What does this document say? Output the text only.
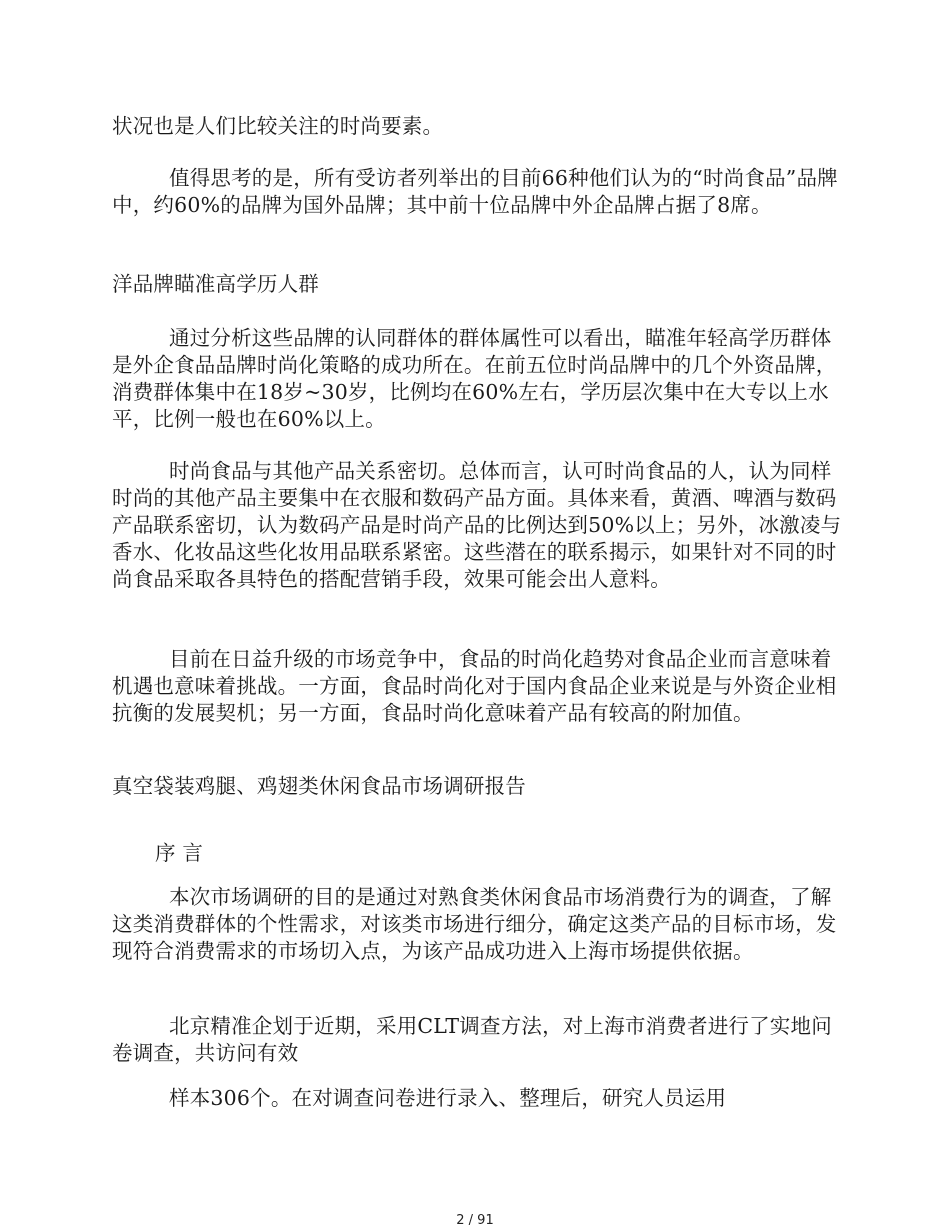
状况也是人们比较关注的时尚要素。

值得思考的是，所有受访者列举出的目前66种他们认为的“时尚食品”品牌中，约60%的品牌为国外品牌；其中前十位品牌中外企品牌占据了8席。

洋品牌瞄准高学历人群

通过分析这些品牌的认同群体的群体属性可以看出，瞄准年轻高学历群体是外企食品品牌时尚化策略的成功所在。在前五位时尚品牌中的几个外资品牌，消费群体集中在18岁~30岁，比例均在60%左右，学历层次集中在大专以上水平，比例一般也在60%以上。

时尚食品与其他产品关系密切。总体而言，认可时尚食品的人，认为同样时尚的其他产品主要集中在衣服和数码产品方面。具体来看，黄酒、啤酒与数码产品联系密切，认为数码产品是时尚产品的比例达到50%以上；另外，冰激凌与香水、化妆品这些化妆用品联系紧密。这些潜在的联系揭示，如果针对不同的时尚食品采取各具特色的搭配营销手段，效果可能会出人意料。

目前在日益升级的市场竞争中，食品的时尚化趋势对食品企业而言意味着机遇也意味着挑战。一方面，食品时尚化对于国内食品企业来说是与外资企业相抗衡的发展契机；另一方面，食品时尚化意味着产品有较高的附加值。

真空袋装鸡腿、鸡翅类休闲食品市场调研报告

序 言

本次市场调研的目的是通过对熟食类休闲食品市场消费行为的调查，了解这类消费群体的个性需求，对该类市场进行细分，确定这类产品的目标市场，发现符合消费需求的市场切入点，为该产品成功进入上海市场提供依据。

北京精准企划于近期，采用CLT调查方法，对上海市消费者进行了实地问卷调查，共访问有效

样本306个。在对调查问卷进行录入、整理后，研究人员运用

2 / 91
